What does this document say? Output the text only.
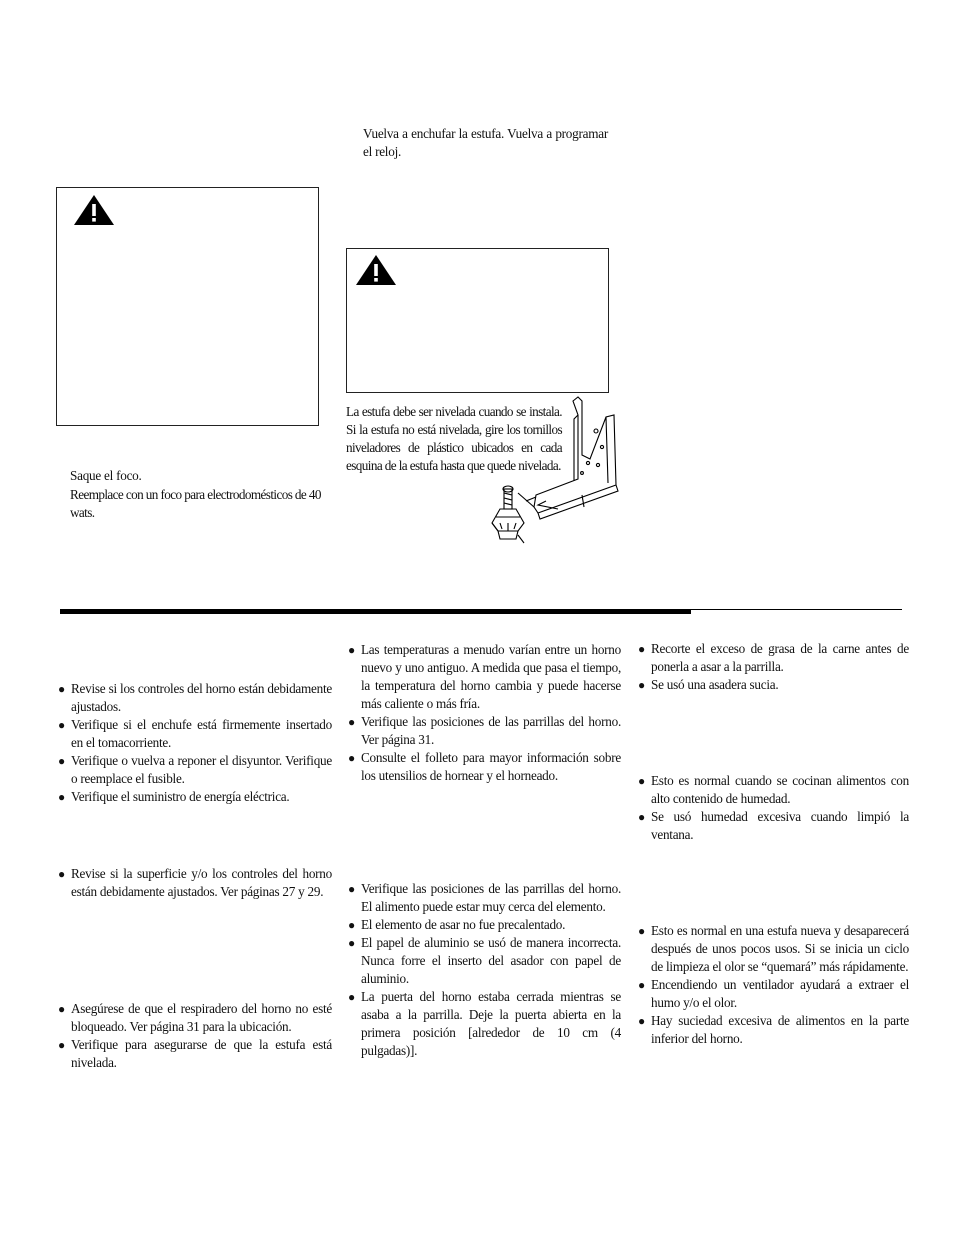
Vuelva a enchufar la estufa. Vuelva a programar el reloj.
Saque el foco.
Reemplace con un foco para electrodomésticos de 40 wats.
La estufa debe ser nivelada cuando se instala. Si la estufa no está nivelada, gire los tornillos niveladores de plástico ubicados en cada esquina de la estufa hasta que quede nivelada.
● Revise si los controles del horno están debidamente ajustados.
● Verifique si el enchufe está firmemente insertado en el tomacorriente.
● Verifique o vuelva a reponer el disyuntor. Verifique o reemplace el fusible.
● Verifique el suministro de energía eléctrica.
● Revise si la superficie y/o los controles del horno están debidamente ajustados. Ver páginas 27 y 29.
● Asegúrese de que el respiradero del horno no esté bloqueado. Ver página 31 para la ubicación.
● Verifique para asegurarse de que la estufa está nivelada.
● Las temperaturas a menudo varían entre un horno nuevo y uno antiguo. A medida que pasa el tiempo, la temperatura del horno cambia y puede hacerse más caliente o más fría.
● Verifique las posiciones de las parrillas del horno. Ver página 31.
● Consulte el folleto para mayor información sobre los utensilios de hornear y el horneado.
● Verifique las posiciones de las parrillas del horno. El alimento puede estar muy cerca del elemento.
● El elemento de asar no fue precalentado.
● El papel de aluminio se usó de manera incorrecta. Nunca forre el inserto del asador con papel de aluminio.
● La puerta del horno estaba cerrada mientras se asaba a la parrilla. Deje la puerta abierta en la primera posición [alrededor de 10 cm (4 pulgadas)].
● Recorte el exceso de grasa de la carne antes de ponerla a asar a la parrilla.
● Se usó una asadera sucia.
● Esto es normal cuando se cocinan alimentos con alto contenido de humedad.
● Se usó humedad excesiva cuando limpió la ventana.
● Esto es normal en una estufa nueva y desaparecerá después de unos pocos usos. Si se inicia un ciclo de limpieza el olor se “quemará” más rápidamente.
● Encendiendo un ventilador ayudará a extraer el humo y/o el olor.
● Hay suciedad excesiva de alimentos en la parte inferior del horno.
